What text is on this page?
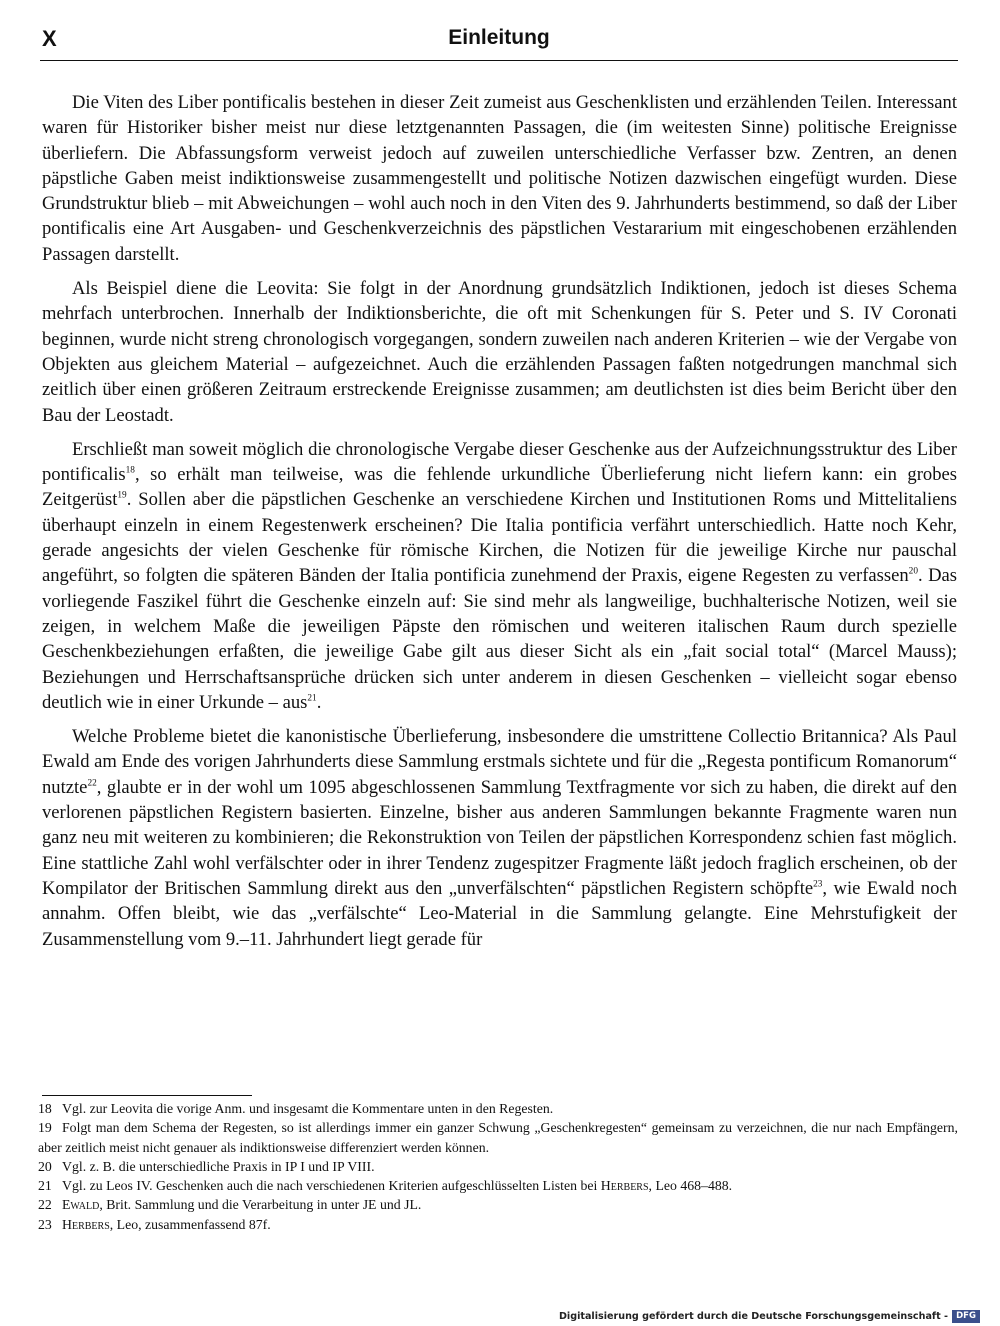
X	Einleitung

Die Viten des Liber pontificalis bestehen in dieser Zeit zumeist aus Geschenklisten und erzählenden Teilen. Interessant waren für Historiker bisher meist nur diese letztgenannten Passagen, die (im weitesten Sinne) politische Ereignisse überliefern. Die Abfassungsform verweist jedoch auf zuweilen unterschiedliche Verfasser bzw. Zentren, an denen päpstliche Gaben meist indiktionsweise zusammengestellt und politische Notizen dazwischen eingefügt wurden. Diese Grundstruktur blieb – mit Abweichungen – wohl auch noch in den Viten des 9. Jahrhunderts bestimmend, so daß der Liber pontificalis eine Art Ausgaben- und Geschenkverzeichnis des päpstlichen Vestararium mit eingeschobenen erzählenden Passagen darstellt.

Als Beispiel diene die Leovita: Sie folgt in der Anordnung grundsätzlich Indiktionen, jedoch ist dieses Schema mehrfach unterbrochen. Innerhalb der Indiktionsberichte, die oft mit Schenkungen für S. Peter und S. IV Coronati beginnen, wurde nicht streng chronologisch vorgegangen, sondern zuweilen nach anderen Kriterien – wie der Vergabe von Objekten aus gleichem Material – aufgezeichnet. Auch die erzählenden Passagen faßten notgedrungen manchmal sich zeitlich über einen größeren Zeitraum erstreckende Ereignisse zusammen; am deutlichsten ist dies beim Bericht über den Bau der Leostadt.

Erschließt man soweit möglich die chronologische Vergabe dieser Geschenke aus der Aufzeichnungsstruktur des Liber pontificalis$^{18}$, so erhält man teilweise, was die fehlende urkundliche Überlieferung nicht liefern kann: ein grobes Zeitgerüst$^{19}$. Sollen aber die päpstlichen Geschenke an verschiedene Kirchen und Institutionen Roms und Mittelitaliens überhaupt einzeln in einem Regestenwerk erscheinen? Die Italia pontificia verfährt unterschiedlich. Hatte noch Kehr, gerade angesichts der vielen Geschenke für römische Kirchen, die Notizen für die jeweilige Kirche nur pauschal angeführt, so folgten die späteren Bänden der Italia pontificia zunehmend der Praxis, eigene Regesten zu verfassen$^{20}$. Das vorliegende Faszikel führt die Geschenke einzeln auf: Sie sind mehr als langweilige, buchhalterische Notizen, weil sie zeigen, in welchem Maße die jeweiligen Päpste den römischen und weiteren italischen Raum durch spezielle Geschenkbeziehungen erfaßten, die jeweilige Gabe gilt aus dieser Sicht als ein „fait social total“ (Marcel Mauss); Beziehungen und Herrschaftsansprüche drücken sich unter anderem in diesen Geschenken – vielleicht sogar ebenso deutlich wie in einer Urkunde – aus$^{21}$.

Welche Probleme bietet die kanonistische Überlieferung, insbesondere die umstrittene Collectio Britannica? Als Paul Ewald am Ende des vorigen Jahrhunderts diese Sammlung erstmals sichtete und für die „Regesta pontificum Romanorum“ nutzte$^{22}$, glaubte er in der wohl um 1095 abgeschlossenen Sammlung Textfragmente vor sich zu haben, die direkt auf den verlorenen päpstlichen Registern basierten. Einzelne, bisher aus anderen Sammlungen bekannte Fragmente waren nun ganz neu mit weiteren zu kombinieren; die Rekonstruktion von Teilen der päpstlichen Korrespondenz schien fast möglich. Eine stattliche Zahl wohl verfälschter oder in ihrer Tendenz zugespitzer Fragmente läßt jedoch fraglich erscheinen, ob der Kompilator der Britischen Sammlung direkt aus den „unverfälschten“ päpstlichen Registern schöpfte$^{23}$, wie Ewald noch annahm. Offen bleibt, wie das „verfälschte“ Leo-Material in die Sammlung gelangte. Eine Mehrstufigkeit der Zusammenstellung vom 9.–11. Jahrhundert liegt gerade für

18 Vgl. zur Leovita die vorige Anm. und insgesamt die Kommentare unten in den Regesten.

19 Folgt man dem Schema der Regesten, so ist allerdings immer ein ganzer Schwung „Geschenkregesten“ gemeinsam zu verzeichnen, die nur nach Empfängern, aber zeitlich meist nicht genauer als indiktionsweise differenziert werden können.

20 Vgl. z. B. die unterschiedliche Praxis in IP I und IP VIII.

21 Vgl. zu Leos IV. Geschenken auch die nach verschiedenen Kriterien aufgeschlüsselten Listen bei Herbers, Leo 468–488.

22 Ewald, Brit. Sammlung und die Verarbeitung in unter JE und JL.

23 Herbers, Leo, zusammenfassend 87f.

Digitalisierung gefördert durch die Deutsche Forschungsgemeinschaft - DFG
